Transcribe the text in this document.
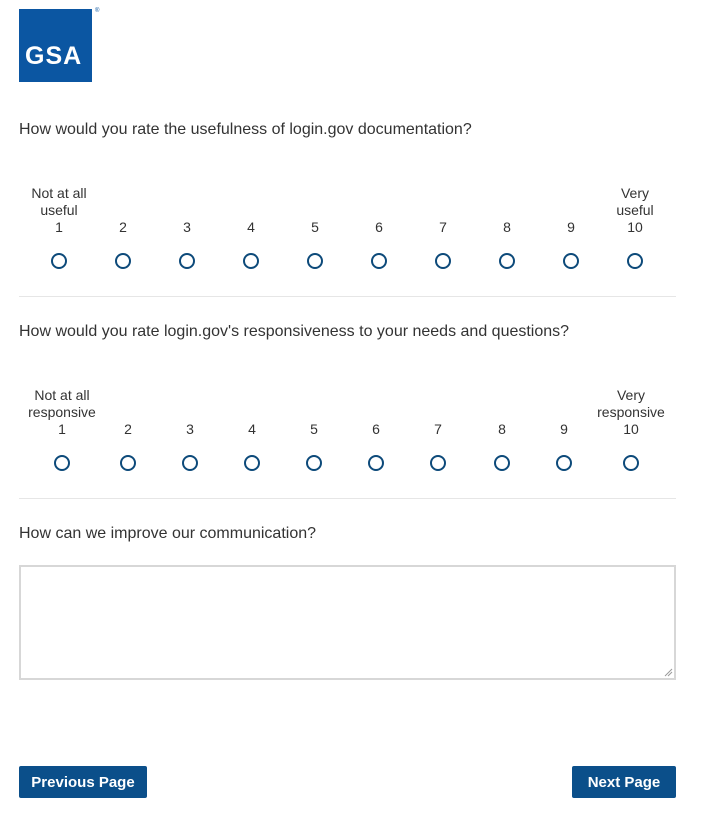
GSA
®
How would you rate the usefulness of login.gov documentation?
Not at all useful
1	2	3	4	5	6	7	8	9
Very useful
10
How would you rate login.gov's responsiveness to your needs and questions?
Not at all responsive
1	2	3	4	5	6	7	8	9
Very responsive
10
How can we improve our communication?
Previous Page	Next Page
